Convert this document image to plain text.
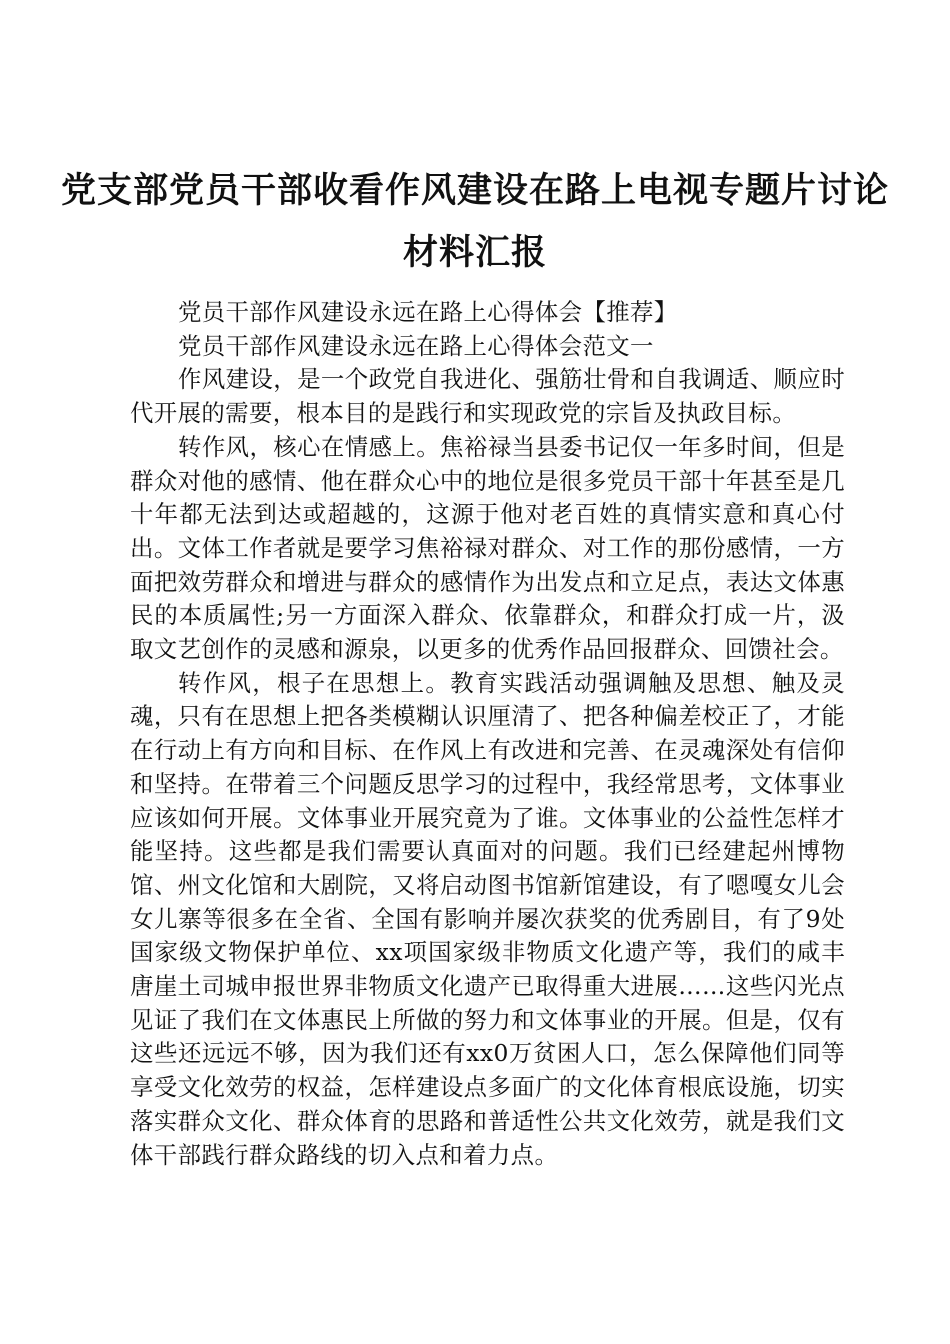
党支部党员干部收看作风建设在路上电视专题片讨论材料汇报

党员干部作风建设永远在路上心得体会【推荐】

党员干部作风建设永远在路上心得体会范文一

作风建设，是一个政党自我进化、强筋壮骨和自我调适、顺应时代开展的需要，根本目的是践行和实现政党的宗旨及执政目标。

转作风，核心在情感上。焦裕禄当县委书记仅一年多时间，但是群众对他的感情、他在群众心中的地位是很多党员干部十年甚至是几十年都无法到达或超越的，这源于他对老百姓的真情实意和真心付出。文体工作者就是要学习焦裕禄对群众、对工作的那份感情，一方面把效劳群众和增进与群众的感情作为出发点和立足点，表达文体惠民的本质属性;另一方面深入群众、依靠群众，和群众打成一片，汲取文艺创作的灵感和源泉，以更多的优秀作品回报群众、回馈社会。

转作风，根子在思想上。教育实践活动强调触及思想、触及灵魂，只有在思想上把各类模糊认识厘清了、把各种偏差校正了，才能在行动上有方向和目标、在作风上有改进和完善、在灵魂深处有信仰和坚持。在带着三个问题反思学习的过程中，我经常思考，文体事业应该如何开展。文体事业开展究竟为了谁。文体事业的公益性怎样才能坚持。这些都是我们需要认真面对的问题。我们已经建起州博物馆、州文化馆和大剧院，又将启动图书馆新馆建设，有了嗯嘎女儿会女儿寨等很多在全省、全国有影响并屡次获奖的优秀剧目，有了9处国家级文物保护单位、xx项国家级非物质文化遗产等，我们的咸丰唐崖土司城申报世界非物质文化遗产已取得重大进展……这些闪光点见证了我们在文体惠民上所做的努力和文体事业的开展。但是，仅有这些还远远不够，因为我们还有xx0万贫困人口，怎么保障他们同等享受文化效劳的权益，怎样建设点多面广的文化体育根底设施，切实落实群众文化、群众体育的思路和普适性公共文化效劳，就是我们文体干部践行群众路线的切入点和着力点。
